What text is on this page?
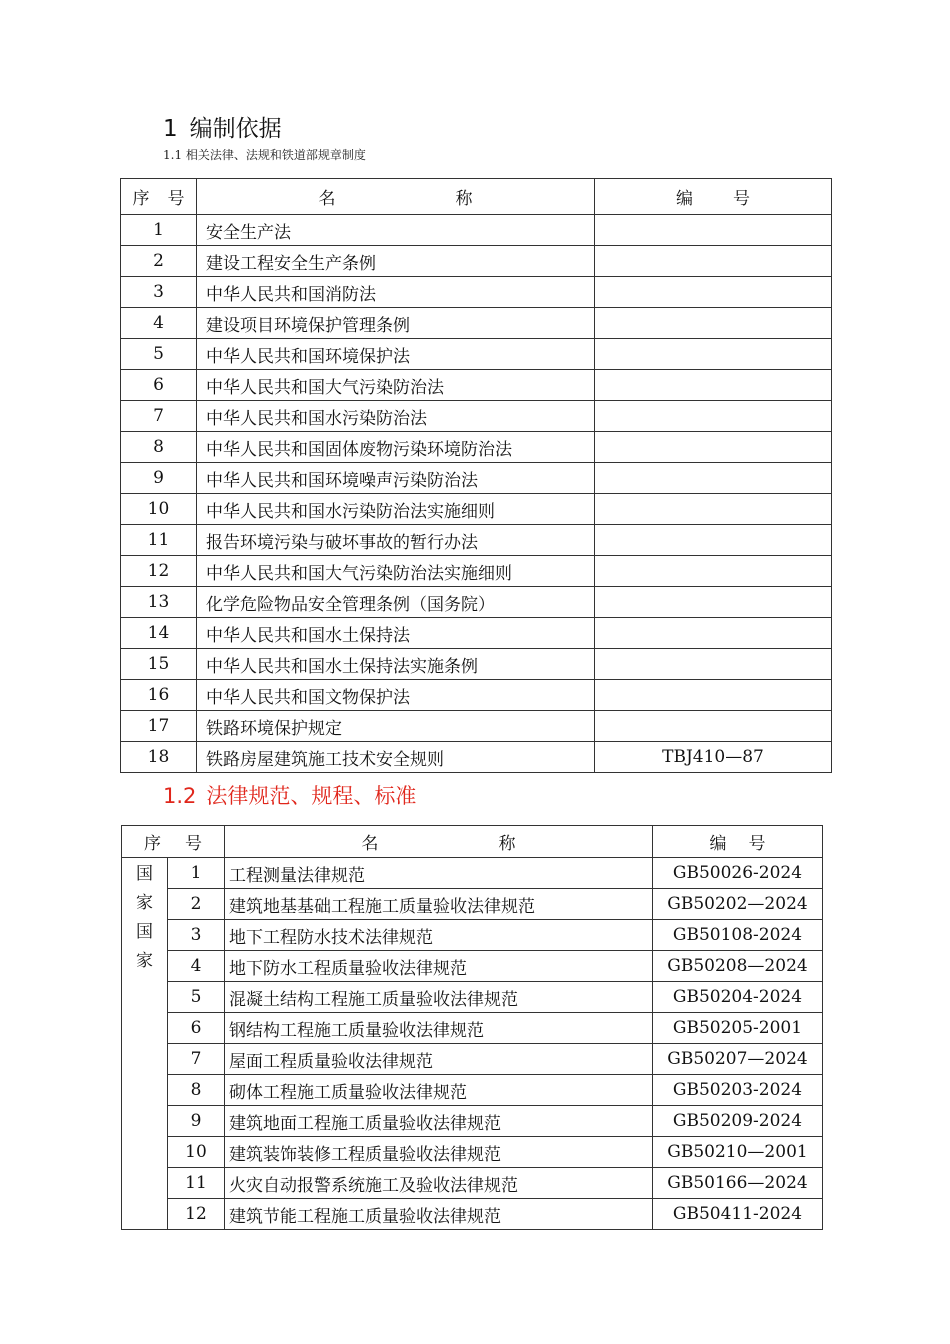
1 编制依据
1.1 相关法律、法规和铁道部规章制度
序 号	名 称	编 号
1	安全生产法	
2	建设工程安全生产条例	
3	中华人民共和国消防法	
4	建设项目环境保护管理条例	
5	中华人民共和国环境保护法	
6	中华人民共和国大气污染防治法	
7	中华人民共和国水污染防治法	
8	中华人民共和国固体废物污染环境防治法	
9	中华人民共和国环境噪声污染防治法	
10	中华人民共和国水污染防治法实施细则	
11	报告环境污染与破坏事故的暂行办法	
12	中华人民共和国大气污染防治法实施细则	
13	化学危险物品安全管理条例（国务院）	
14	中华人民共和国水土保持法	
15	中华人民共和国水土保持法实施条例	
16	中华人民共和国文物保护法	
17	铁路环境保护规定	
18	铁路房屋建筑施工技术安全规则	TBJ410—87
1.2 法律规范、规程、标准
序 号		名 称	编 号

国家国家	1	工程测量法律规范	GB50026-2024
	2	建筑地基基础工程施工质量验收法律规范	GB50202—2024
	3	地下工程防水技术法律规范	GB50108-2024
	4	地下防水工程质量验收法律规范	GB50208—2024
	5	混凝土结构工程施工质量验收法律规范	GB50204-2024
	6	钢结构工程施工质量验收法律规范	GB50205-2001
	7	屋面工程质量验收法律规范	GB50207—2024
	8	砌体工程施工质量验收法律规范	GB50203-2024
	9	建筑地面工程施工质量验收法律规范	GB50209-2024
	10	建筑装饰装修工程质量验收法律规范	GB50210—2001
	11	火灾自动报警系统施工及验收法律规范	GB50166—2024
	12	建筑节能工程施工质量验收法律规范	GB50411-2024
